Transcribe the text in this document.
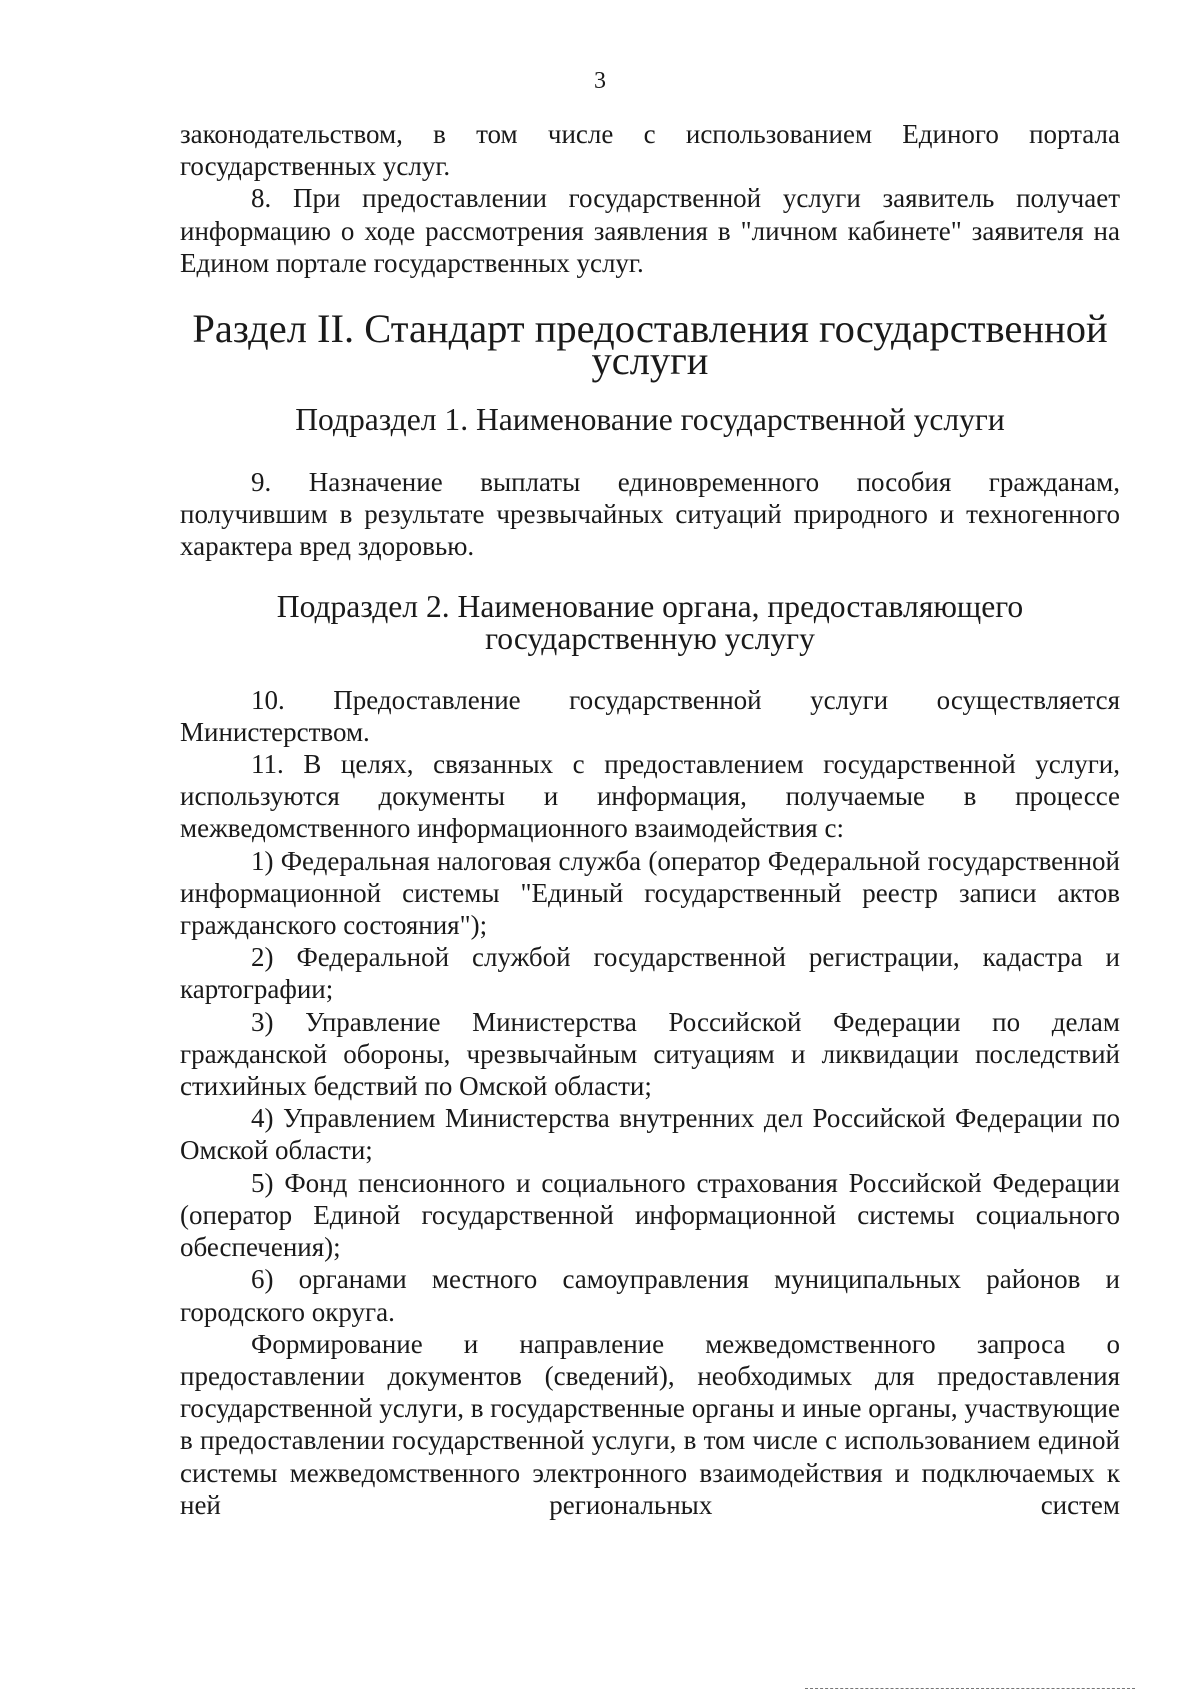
3

законодательством, в том числе с использованием Единого портала государственных услуг.

8. При предоставлении государственной услуги заявитель получает информацию о ходе рассмотрения заявления в "личном кабинете" заявителя на Едином портале государственных услуг.

Раздел II. Стандарт предоставления государственной услуги
Подраздел 1. Наименование государственной услуги

9. Назначение выплаты единовременного пособия гражданам, получившим в результате чрезвычайных ситуаций природного и техногенного характера вред здоровью.

Подраздел 2. Наименование органа, предоставляющего
государственную услугу

10. Предоставление государственной услуги осуществляется Министерством.

11. В целях, связанных с предоставлением государственной услуги, используются документы и информация, получаемые в процессе межведомственного информационного взаимодействия с:

1) Федеральная налоговая служба (оператор Федеральной государственной информационной системы "Единый государственный реестр записи актов гражданского состояния");

2) Федеральной службой государственной регистрации, кадастра и картографии;

3) Управление Министерства Российской Федерации по делам гражданской обороны, чрезвычайным ситуациям и ликвидации последствий стихийных бедствий по Омской области;

4) Управлением Министерства внутренних дел Российской Федерации по Омской области;

5) Фонд пенсионного и социального страхования Российской Федерации (оператор Единой государственной информационной системы социального обеспечения);

6) органами местного самоуправления муниципальных районов и городского округа.

Формирование и направление межведомственного запроса о предоставлении документов (сведений), необходимых для предоставления государственной услуги, в государственные органы и иные органы, участвующие в предоставлении государственной услуги, в том числе с использованием единой системы межведомственного электронного взаимодействия и подключаемых к ней региональных систем
